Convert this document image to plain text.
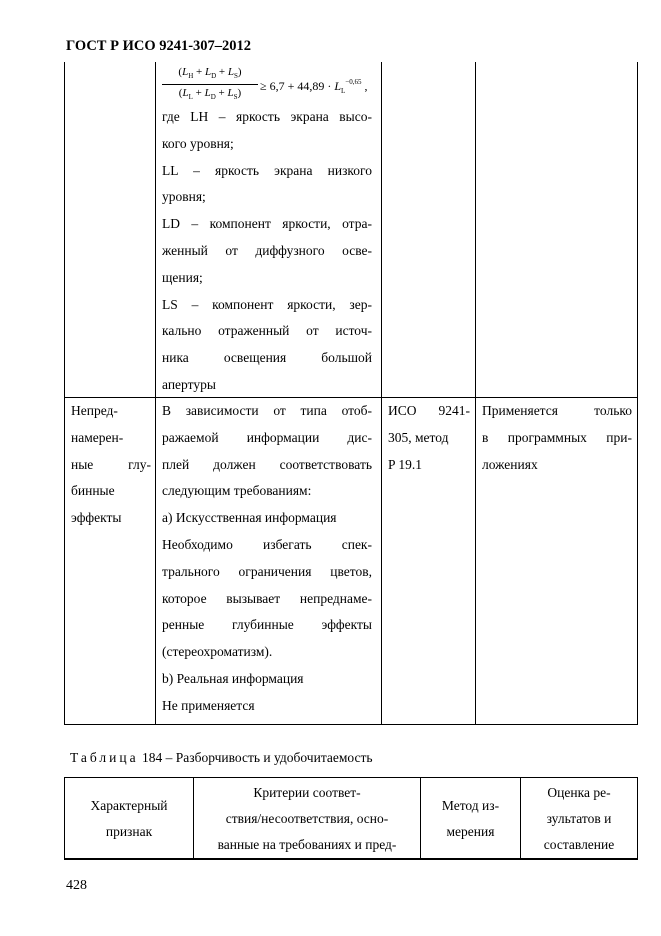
ГОСТ Р ИСО 9241-307–2012
$\frac{(L_H + L_D + L_S)}{(L_L + L_D + L_S)} \ge 6,7 + 44,89 \cdot L_L^{-0,65}$ ,

где LH – яркость экрана высо-

кого уровня;

LL – яркость экрана низкого

уровня;

LD – компонент яркости, отра-

женный от диффузного осве-

щения;

LS – компонент яркости, зер-

кально отраженный от источ-

ника освещения большой

апертуры

Непред-

намерен-

ные глу-

бинные

эффекты

В зависимости от типа отоб-

ражаемой информации дис-

плей должен соответствовать

следующим требованиям:

a) Искусственная информация

Необходимо избегать спек-

трального ограничения цветов,

которое вызывает непреднаме-

ренные глубинные эффекты

(стереохроматизм).

b) Реальная информация

Не применяется

ИСО 9241-

305, метод

P 19.1

Применяется только

в программных при-

ложениях

Таблица 184 – Разборчивость и удобочитаемость
Характерный
признак
Критерии соответ-
ствия/несоответствия, осно-
ванные на требованиях и пред-
Метод из-
мерения
Оценка ре-
зультатов и
составление
428
